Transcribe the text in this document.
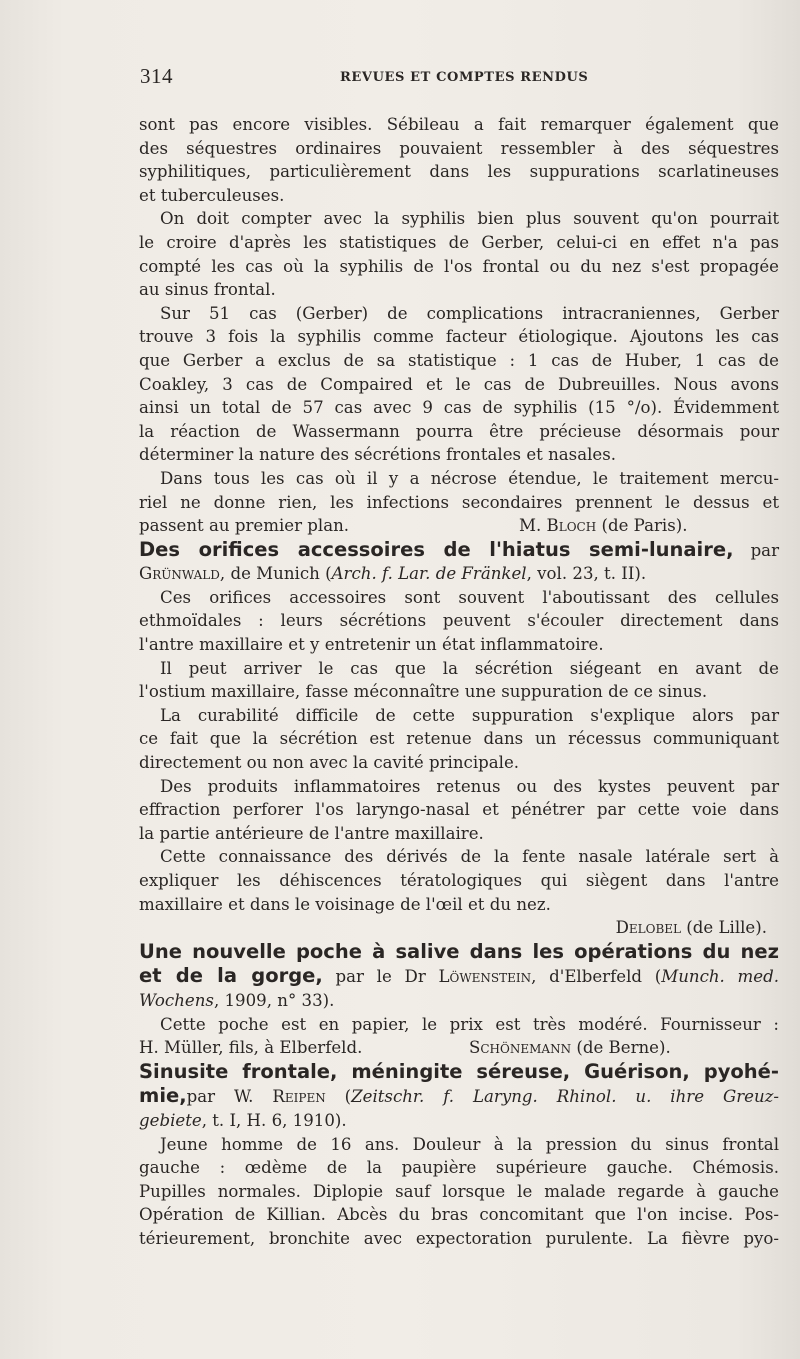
314	REVUES ET COMPTES RENDUS
sont pas encore visibles. Sébileau a fait remarquer également que
des séquestres ordinaires pouvaient ressembler à des séquestres
syphilitiques, particulièrement dans les suppurations scarlatineuses
et tuberculeuses.
On doit compter avec la syphilis bien plus souvent qu'on pourrait
le croire d'après les statistiques de Gerber, celui-ci en effet n'a pas
compté les cas où la syphilis de l'os frontal ou du nez s'est propagée
au sinus frontal.
Sur 51 cas (Gerber) de complications intracraniennes, Gerber
trouve 3 fois la syphilis comme facteur étiologique. Ajoutons les cas
que Gerber a exclus de sa statistique : 1 cas de Huber, 1 cas de
Coakley, 3 cas de Compaired et le cas de Dubreuilles. Nous avons
ainsi un total de 57 cas avec 9 cas de syphilis (15 °/o). Évidemment
la réaction de Wassermann pourra être précieuse désormais pour
déterminer la nature des sécrétions frontales et nasales.
Dans tous les cas où il y a nécrose étendue, le traitement mercu-
riel ne donne rien, les infections secondaires prennent le dessus et
passent au premier plan.	M. Bloch (de Paris).
Des orifices accessoires de l'hiatus semi-lunaire, par
Grünwald, de Munich (Arch. f. Lar. de Fränkel, vol. 23, t. II).
Ces orifices accessoires sont souvent l'aboutissant des cellules
ethmoïdales : leurs sécrétions peuvent s'écouler directement dans
l'antre maxillaire et y entretenir un état inflammatoire.
Il peut arriver le cas que la sécrétion siégeant en avant de
l'ostium maxillaire, fasse méconnaître une suppuration de ce sinus.
La curabilité difficile de cette suppuration s'explique alors par
ce fait que la sécrétion est retenue dans un récessus communiquant
directement ou non avec la cavité principale.
Des produits inflammatoires retenus ou des kystes peuvent par
effraction perforer l'os laryngo-nasal et pénétrer par cette voie dans
la partie antérieure de l'antre maxillaire.
Cette connaissance des dérivés de la fente nasale latérale sert à
expliquer les déhiscences tératologiques qui siègent dans l'antre
maxillaire et dans le voisinage de l'œil et du nez.
Delobel (de Lille).
Une nouvelle poche à salive dans les opérations du nez
et de la gorge, par le Dr Löwenstein, d'Elberfeld (Munch. med.
Wochens, 1909, n° 33).
Cette poche est en papier, le prix est très modéré. Fournisseur :
H. Müller, fils, à Elberfeld.	Schönemann (de Berne).
Sinusite frontale, méningite séreuse, Guérison, pyohé-
mie,par W. Reipen (Zeitschr. f. Laryng. Rhinol. u. ihre Greuz-
gebiete, t. I, H. 6, 1910).
Jeune homme de 16 ans. Douleur à la pression du sinus frontal
gauche : œdème de la paupière supérieure gauche. Chémosis.
Pupilles normales. Diplopie sauf lorsque le malade regarde à gauche
Opération de Killian. Abcès du bras concomitant que l'on incise. Pos-
térieurement, bronchite avec expectoration purulente. La fièvre pyo-
